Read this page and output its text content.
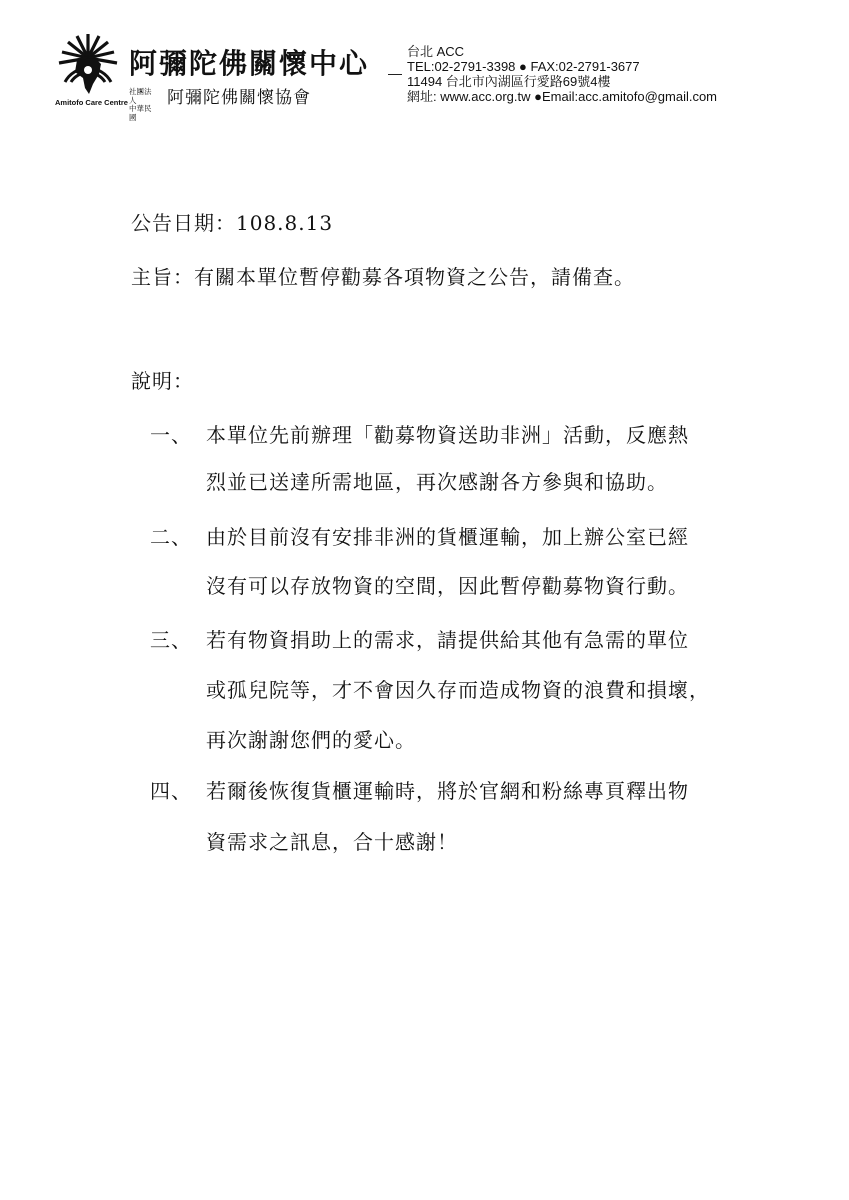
Amitofo Care Centre
阿彌陀佛關懷中心
社團法人
中華民國
阿彌陀佛關懷協會
台北 ACC
TEL:02-2791-3398 ● FAX:02-2791-3677
11494 台北市內湖區行愛路69號4樓
網址: www.acc.org.tw ●Email:acc.amitofo@gmail.com
公告日期：108.8.13
主旨：有關本單位暫停勸募各項物資之公告，請備查。
說明：
一、 本單位先前辦理「勸募物資送助非洲」活動，反應熱
烈並已送達所需地區，再次感謝各方參與和協助。
二、 由於目前沒有安排非洲的貨櫃運輸，加上辦公室已經
沒有可以存放物資的空間，因此暫停勸募物資行動。
三、 若有物資捐助上的需求，請提供給其他有急需的單位
或孤兒院等，才不會因久存而造成物資的浪費和損壞，
再次謝謝您們的愛心。
四、 若爾後恢復貨櫃運輸時，將於官網和粉絲專頁釋出物
資需求之訊息，合十感謝！
